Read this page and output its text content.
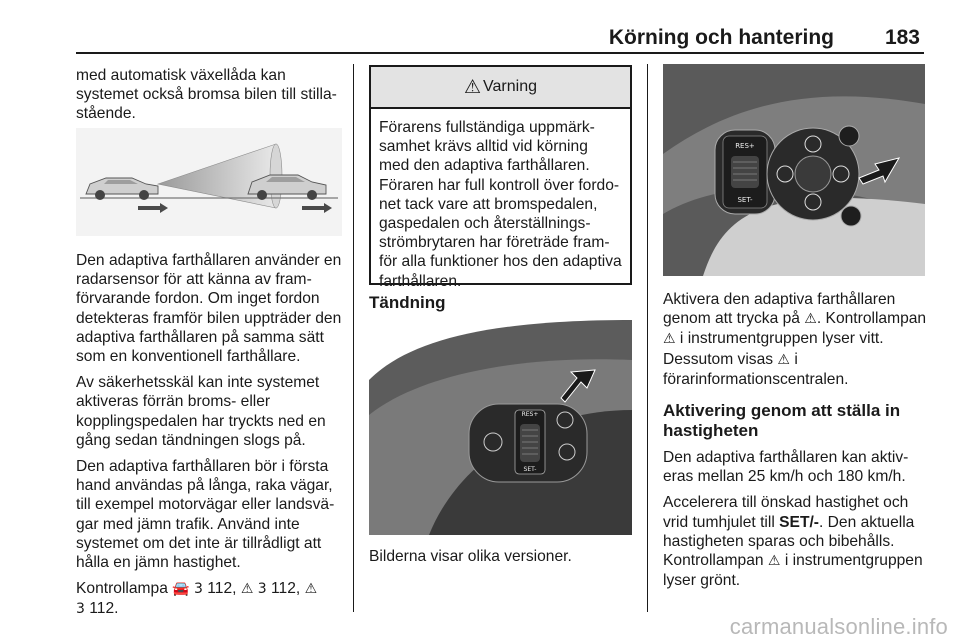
Körning och hantering 183

med automatisk växellåda kan systemet också bromsa bilen till stillastående.

Den adaptiva farthållaren använder en radarsensor för att känna av framförvarande fordon. Om inget fordon detekteras framför bilen uppträder den adaptiva farthållaren på samma sätt som en konventionell farthållare.

Av säkerhetsskäl kan inte systemet aktiveras förrän broms- eller kopplingspedalen har tryckts ned en gång sedan tändningen slogs på.

Den adaptiva farthållaren bör i första hand användas på långa, raka vägar, till exempel motorvägar eller landsvägar med jämn trafik. Använd inte systemet om det inte är tillrådligt att hålla en jämn hastighet.

Kontrollampa 🚘 3 112, ⚠ 3 112, ⚠
3 112.

⚠ Varning
Förarens fullständiga uppmärksamhet krävs alltid vid körning med den adaptiva farthållaren. Föraren har full kontroll över fordonet tack vare att bromspedalen, gaspedalen och återställningsströmbrytaren har företräde framför alla funktioner hos den adaptiva farthållaren.
Tändning
RES+
SET-
Bilderna visar olika versioner.
RES+
SET-

Aktivera den adaptiva farthållaren genom att trycka på ⚠. Kontrollampan ⚠ i instrumentgruppen lyser vitt. Dessutom visas ⚠ i förarinformationscentralen.

Aktivering genom att ställa in hastigheten

Den adaptiva farthållaren kan aktiveras mellan 25 km/h och 180 km/h.

Accelerera till önskad hastighet och vrid tumhjulet till SET/-. Den aktuella hastigheten sparas och bibehålls. Kontrollampan ⚠ i instrumentgruppen lyser grönt.

carmanualsonline.info
